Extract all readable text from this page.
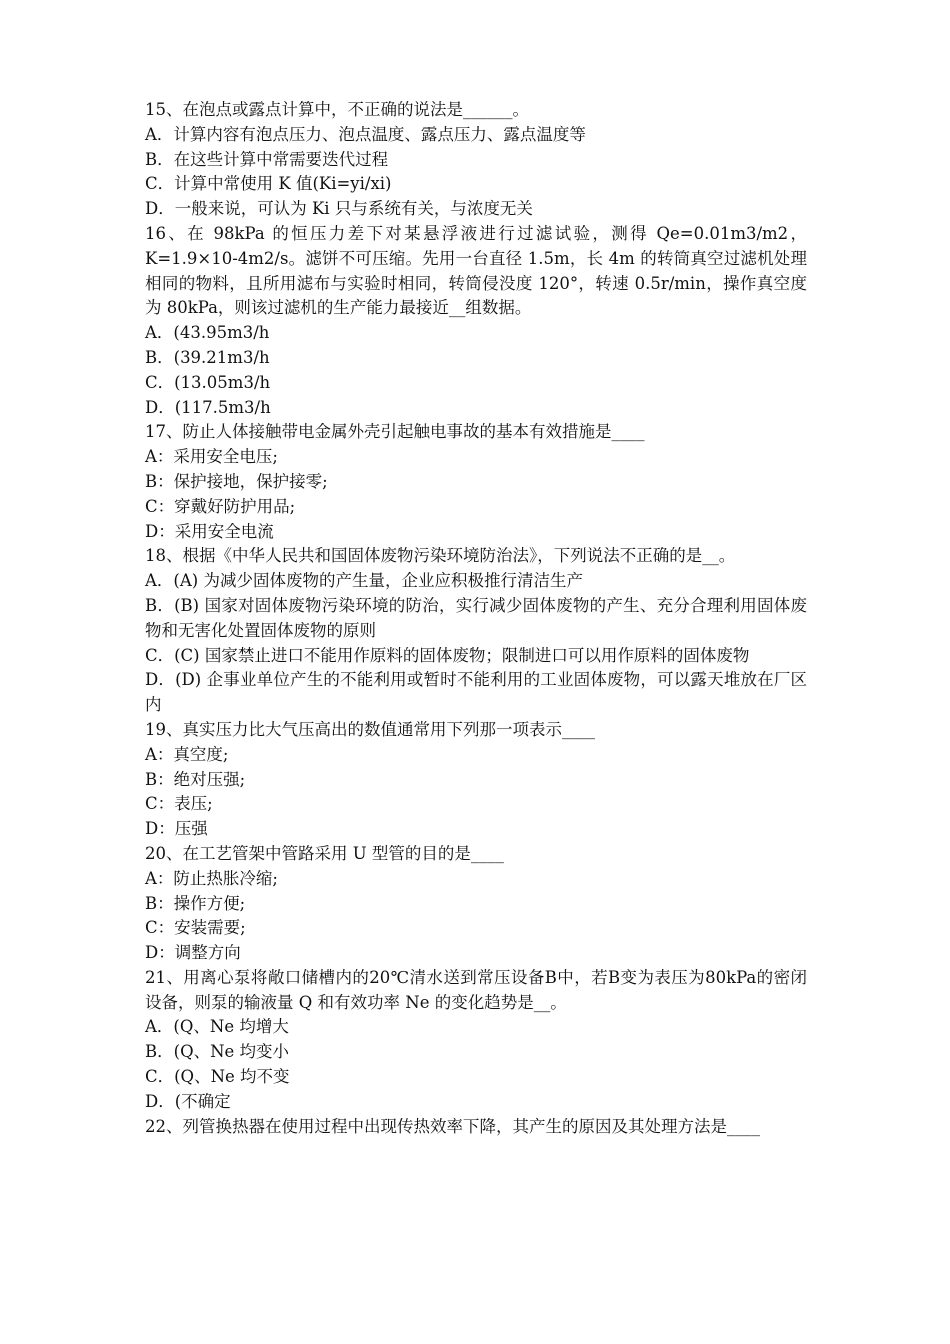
15、在泡点或露点计算中，不正确的说法是______。
A．计算内容有泡点压力、泡点温度、露点压力、露点温度等
B．在这些计算中常需要迭代过程
C．计算中常使用 K 值(Ki=yi/xi)
D．一般来说，可认为 Ki 只与系统有关，与浓度无关
16、在 98kPa 的恒压力差下对某悬浮液进行过滤试验，测得 Qe=0.01m3/m2，K=1.9×10-4m2/s。滤饼不可压缩。先用一台直径 1.5m，长 4m 的转筒真空过滤机处理相同的物料，且所用滤布与实验时相同，转筒侵没度 120°，转速 0.5r/min，操作真空度为 80kPa，则该过滤机的生产能力最接近__组数据。
A．(43.95m3/h
B．(39.21m3/h
C．(13.05m3/h
D．(117.5m3/h
17、防止人体接触带电金属外壳引起触电事故的基本有效措施是____
A：采用安全电压;
B：保护接地，保护接零;
C：穿戴好防护用品;
D：采用安全电流
18、根据《中华人民共和国固体废物污染环境防治法》，下列说法不正确的是__。
A．(A) 为减少固体废物的产生量，企业应积极推行清洁生产
B．(B) 国家对固体废物污染环境的防治，实行减少固体废物的产生、充分合理利用固体废物和无害化处置固体废物的原则
C．(C) 国家禁止进口不能用作原料的固体废物；限制进口可以用作原料的固体废物
D．(D) 企事业单位产生的不能利用或暂时不能利用的工业固体废物，可以露天堆放在厂区内
19、真实压力比大气压高出的数值通常用下列那一项表示____
A：真空度;
B：绝对压强;
C：表压;
D：压强
20、在工艺管架中管路采用 U 型管的目的是____
A：防止热胀冷缩;
B：操作方便;
C：安装需要;
D：调整方向
21、用离心泵将敞口储槽内的20℃清水送到常压设备B中，若B变为表压为80kPa的密闭设备，则泵的输液量 Q 和有效功率 Ne 的变化趋势是__。
A．(Q、Ne 均增大
B．(Q、Ne 均变小
C．(Q、Ne 均不变
D．(不确定
22、列管换热器在使用过程中出现传热效率下降，其产生的原因及其处理方法是____
